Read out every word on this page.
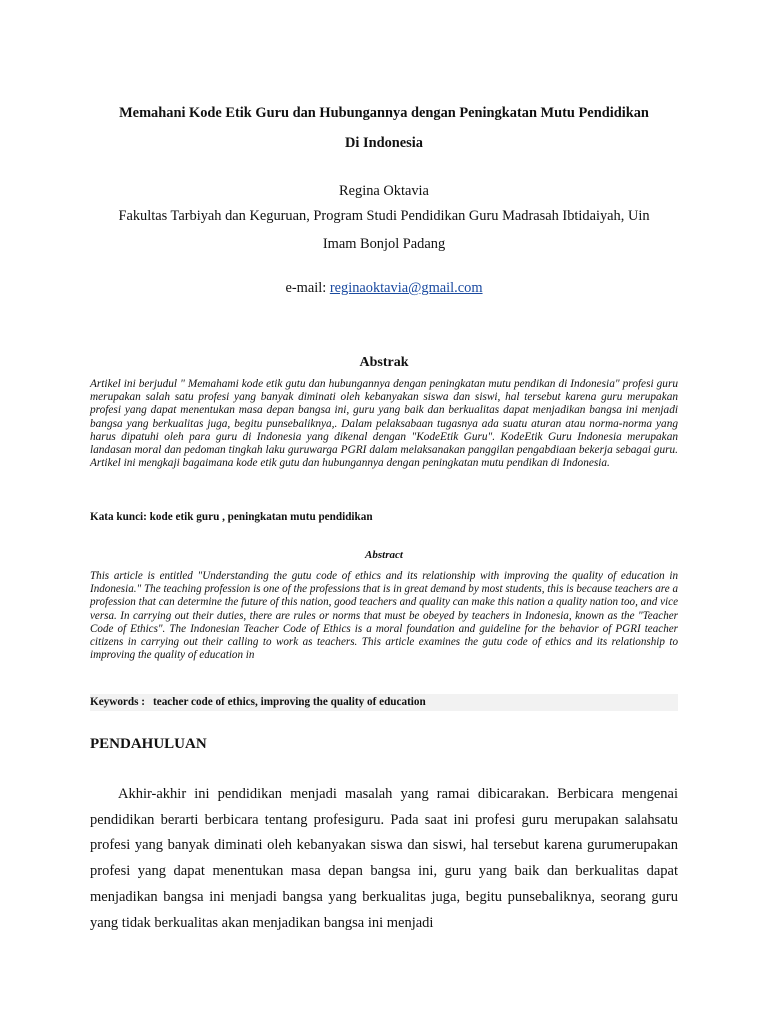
Memahani Kode Etik Guru dan Hubungannya dengan Peningkatan Mutu Pendidikan
Di Indonesia
Regina Oktavia
Fakultas Tarbiyah dan Keguruan, Program Studi Pendidikan Guru Madrasah Ibtidaiyah, Uin
Imam Bonjol Padang
e-mail: reginaoktavia@gmail.com
Abstrak
Artikel ini berjudul " Memahami kode etik gutu dan hubungannya dengan peningkatan mutu pendikan di Indonesia" profesi guru merupakan salah satu profesi yang banyak diminati oleh kebanyakan siswa dan siswi, hal tersebut karena guru merupakan profesi yang dapat menentukan masa depan bangsa ini, guru yang baik dan berkualitas dapat menjadikan bangsa ini menjadi bangsa yang berkualitas juga, begitu punsebaliknya,. Dalam pelaksabaan tugasnya ada suatu aturan atau norma-norma yang harus dipatuhi oleh para guru di Indonesia yang dikenal dengan "KodeEtik Guru". KodeEtik Guru Indonesia merupakan landasan moral dan pedoman tingkah laku guruwarga PGRI dalam melaksanakan panggilan pengabdiaan bekerja sebagai guru. Artikel ini mengkaji bagaimana kode etik gutu dan hubungannya dengan peningkatan mutu pendikan di Indonesia.
Kata kunci: kode etik guru , peningkatan mutu pendidikan
Abstract
This article is entitled "Understanding the gutu code of ethics and its relationship with improving the quality of education in Indonesia." The teaching profession is one of the professions that is in great demand by most students, this is because teachers are a profession that can determine the future of this nation, good teachers and quality can make this nation a quality nation too, and vice versa. In carrying out their duties, there are rules or norms that must be obeyed by teachers in Indonesia, known as the "Teacher Code of Ethics". The Indonesian Teacher Code of Ethics is a moral foundation and guideline for the behavior of PGRI teacher citizens in carrying out their calling to work as teachers. This article examines the gutu code of ethics and its relationship to improving the quality of education in
Keywords : teacher code of ethics, improving the quality of education
PENDAHULUAN
Akhir-akhir ini pendidikan menjadi masalah yang ramai dibicarakan. Berbicara mengenai pendidikan berarti berbicara tentang profesiguru. Pada saat ini profesi guru merupakan salahsatu profesi yang banyak diminati oleh kebanyakan siswa dan siswi, hal tersebut karena gurumerupakan profesi yang dapat menentukan masa depan bangsa ini, guru yang baik dan berkualitas dapat menjadikan bangsa ini menjadi bangsa yang berkualitas juga, begitu punsebaliknya, seorang guru yang tidak berkualitas akan menjadikan bangsa ini menjadi
